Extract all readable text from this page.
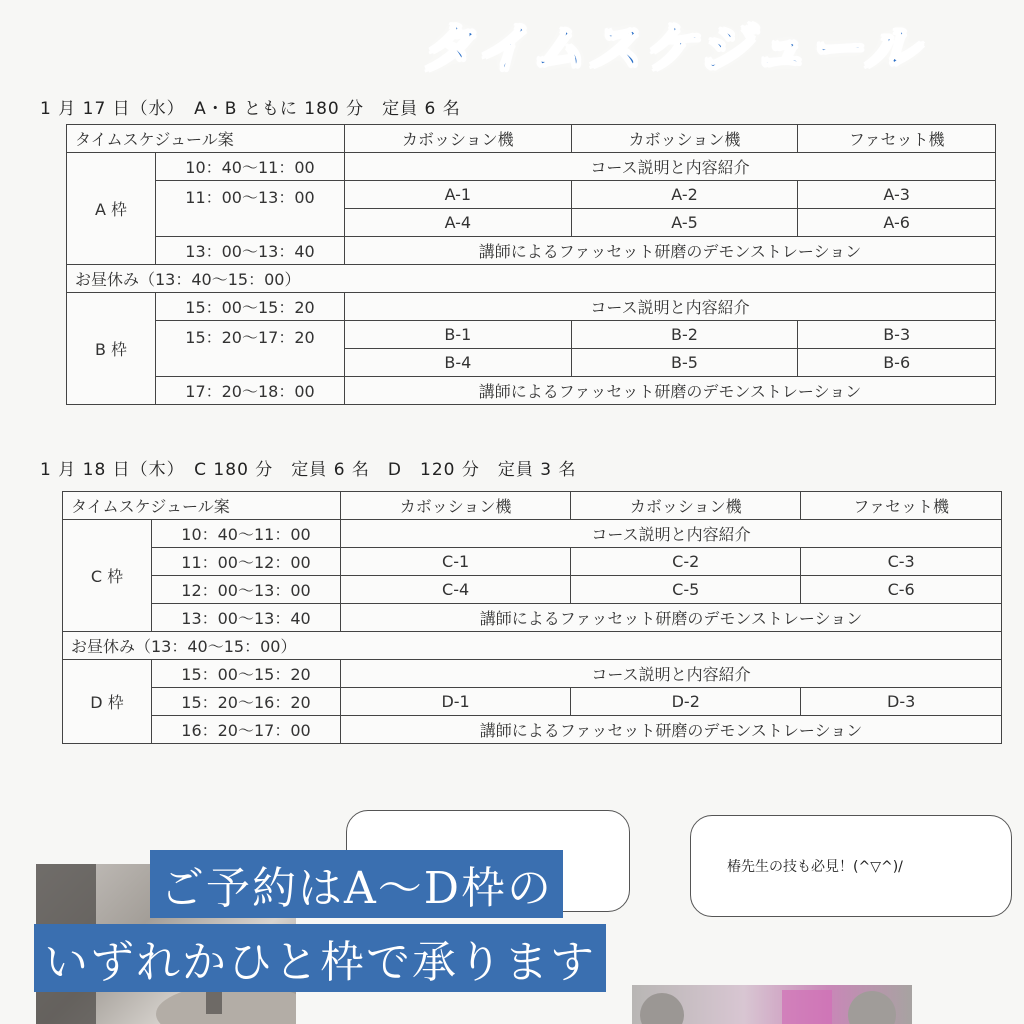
タイムスケジュール
1 月 17 日（水）　A・B ともに 180 分　定員 6 名
タイムスケジュール案		カボッション機	カボッション機	ファセット機
A 枠	10：40〜11：00	コース説明と内容紹介		
	11：00〜13：00	A-1	A-2	A-3
		A-4	A-5	A-6
	13：00〜13：40	講師によるファッセット研磨のデモンストレーション		
お昼休み（13：40〜15：00）				
B 枠	15：00〜15：20	コース説明と内容紹介		
	15：20〜17：20	B-1	B-2	B-3
		B-4	B-5	B-6
	17：20〜18：00	講師によるファッセット研磨のデモンストレーション		
1 月 18 日（木）　C 180 分　定員 6 名　D　120 分　定員 3 名
タイムスケジュール案		カボッション機	カボッション機	ファセット機
C 枠	10：40〜11：00	コース説明と内容紹介		
	11：00〜12：00	C-1	C-2	C-3
	12：00〜13：00	C-4	C-5	C-6
	13：00〜13：40	講師によるファッセット研磨のデモンストレーション		
お昼休み（13：40〜15：00）				
D 枠	15：00〜15：20	コース説明と内容紹介		
	15：20〜16：20	D-1	D-2	D-3
	16：20〜17：00	講師によるファッセット研磨のデモンストレーション		
椿先生の技も必見！(^▽^)/
ご予約はA〜D枠の
いずれかひと枠で承ります
